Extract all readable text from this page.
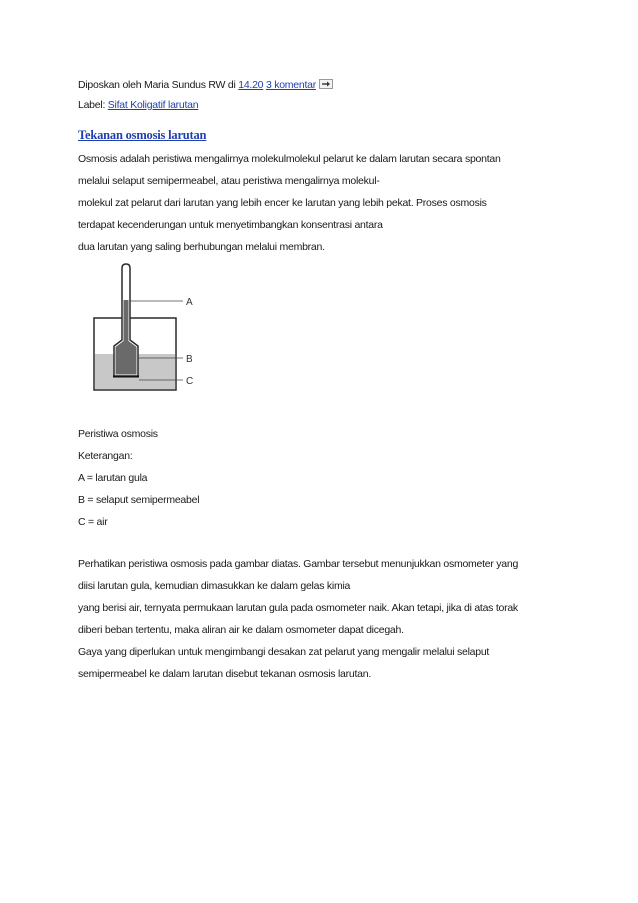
Diposkan oleh Maria Sundus RW di 14.20 3 komentar
Label: Sifat Koligatif larutan
Tekanan osmosis larutan
Osmosis adalah peristiwa mengalirnya molekulmolekul pelarut ke dalam larutan secara spontan
melalui selaput semipermeabel, atau peristiwa mengalirnya molekul-
molekul zat pelarut dari larutan yang lebih encer ke larutan yang lebih pekat. Proses osmosis
terdapat kecenderungan untuk menyetimbangkan konsentrasi antara
dua larutan yang saling berhubungan melalui membran.
A
B
C
Peristiwa osmosis
Keterangan:
A = larutan gula
B = selaput semipermeabel
C = air
Perhatikan peristiwa osmosis pada gambar diatas. Gambar tersebut menunjukkan osmometer yang
diisi larutan gula, kemudian dimasukkan ke dalam gelas kimia
yang berisi air, ternyata permukaan larutan gula pada osmometer naik. Akan tetapi, jika di atas torak
diberi beban tertentu, maka aliran air ke dalam osmometer dapat dicegah.
Gaya yang diperlukan untuk mengimbangi desakan zat pelarut yang mengalir melalui selaput
semipermeabel ke dalam larutan disebut tekanan osmosis larutan.
